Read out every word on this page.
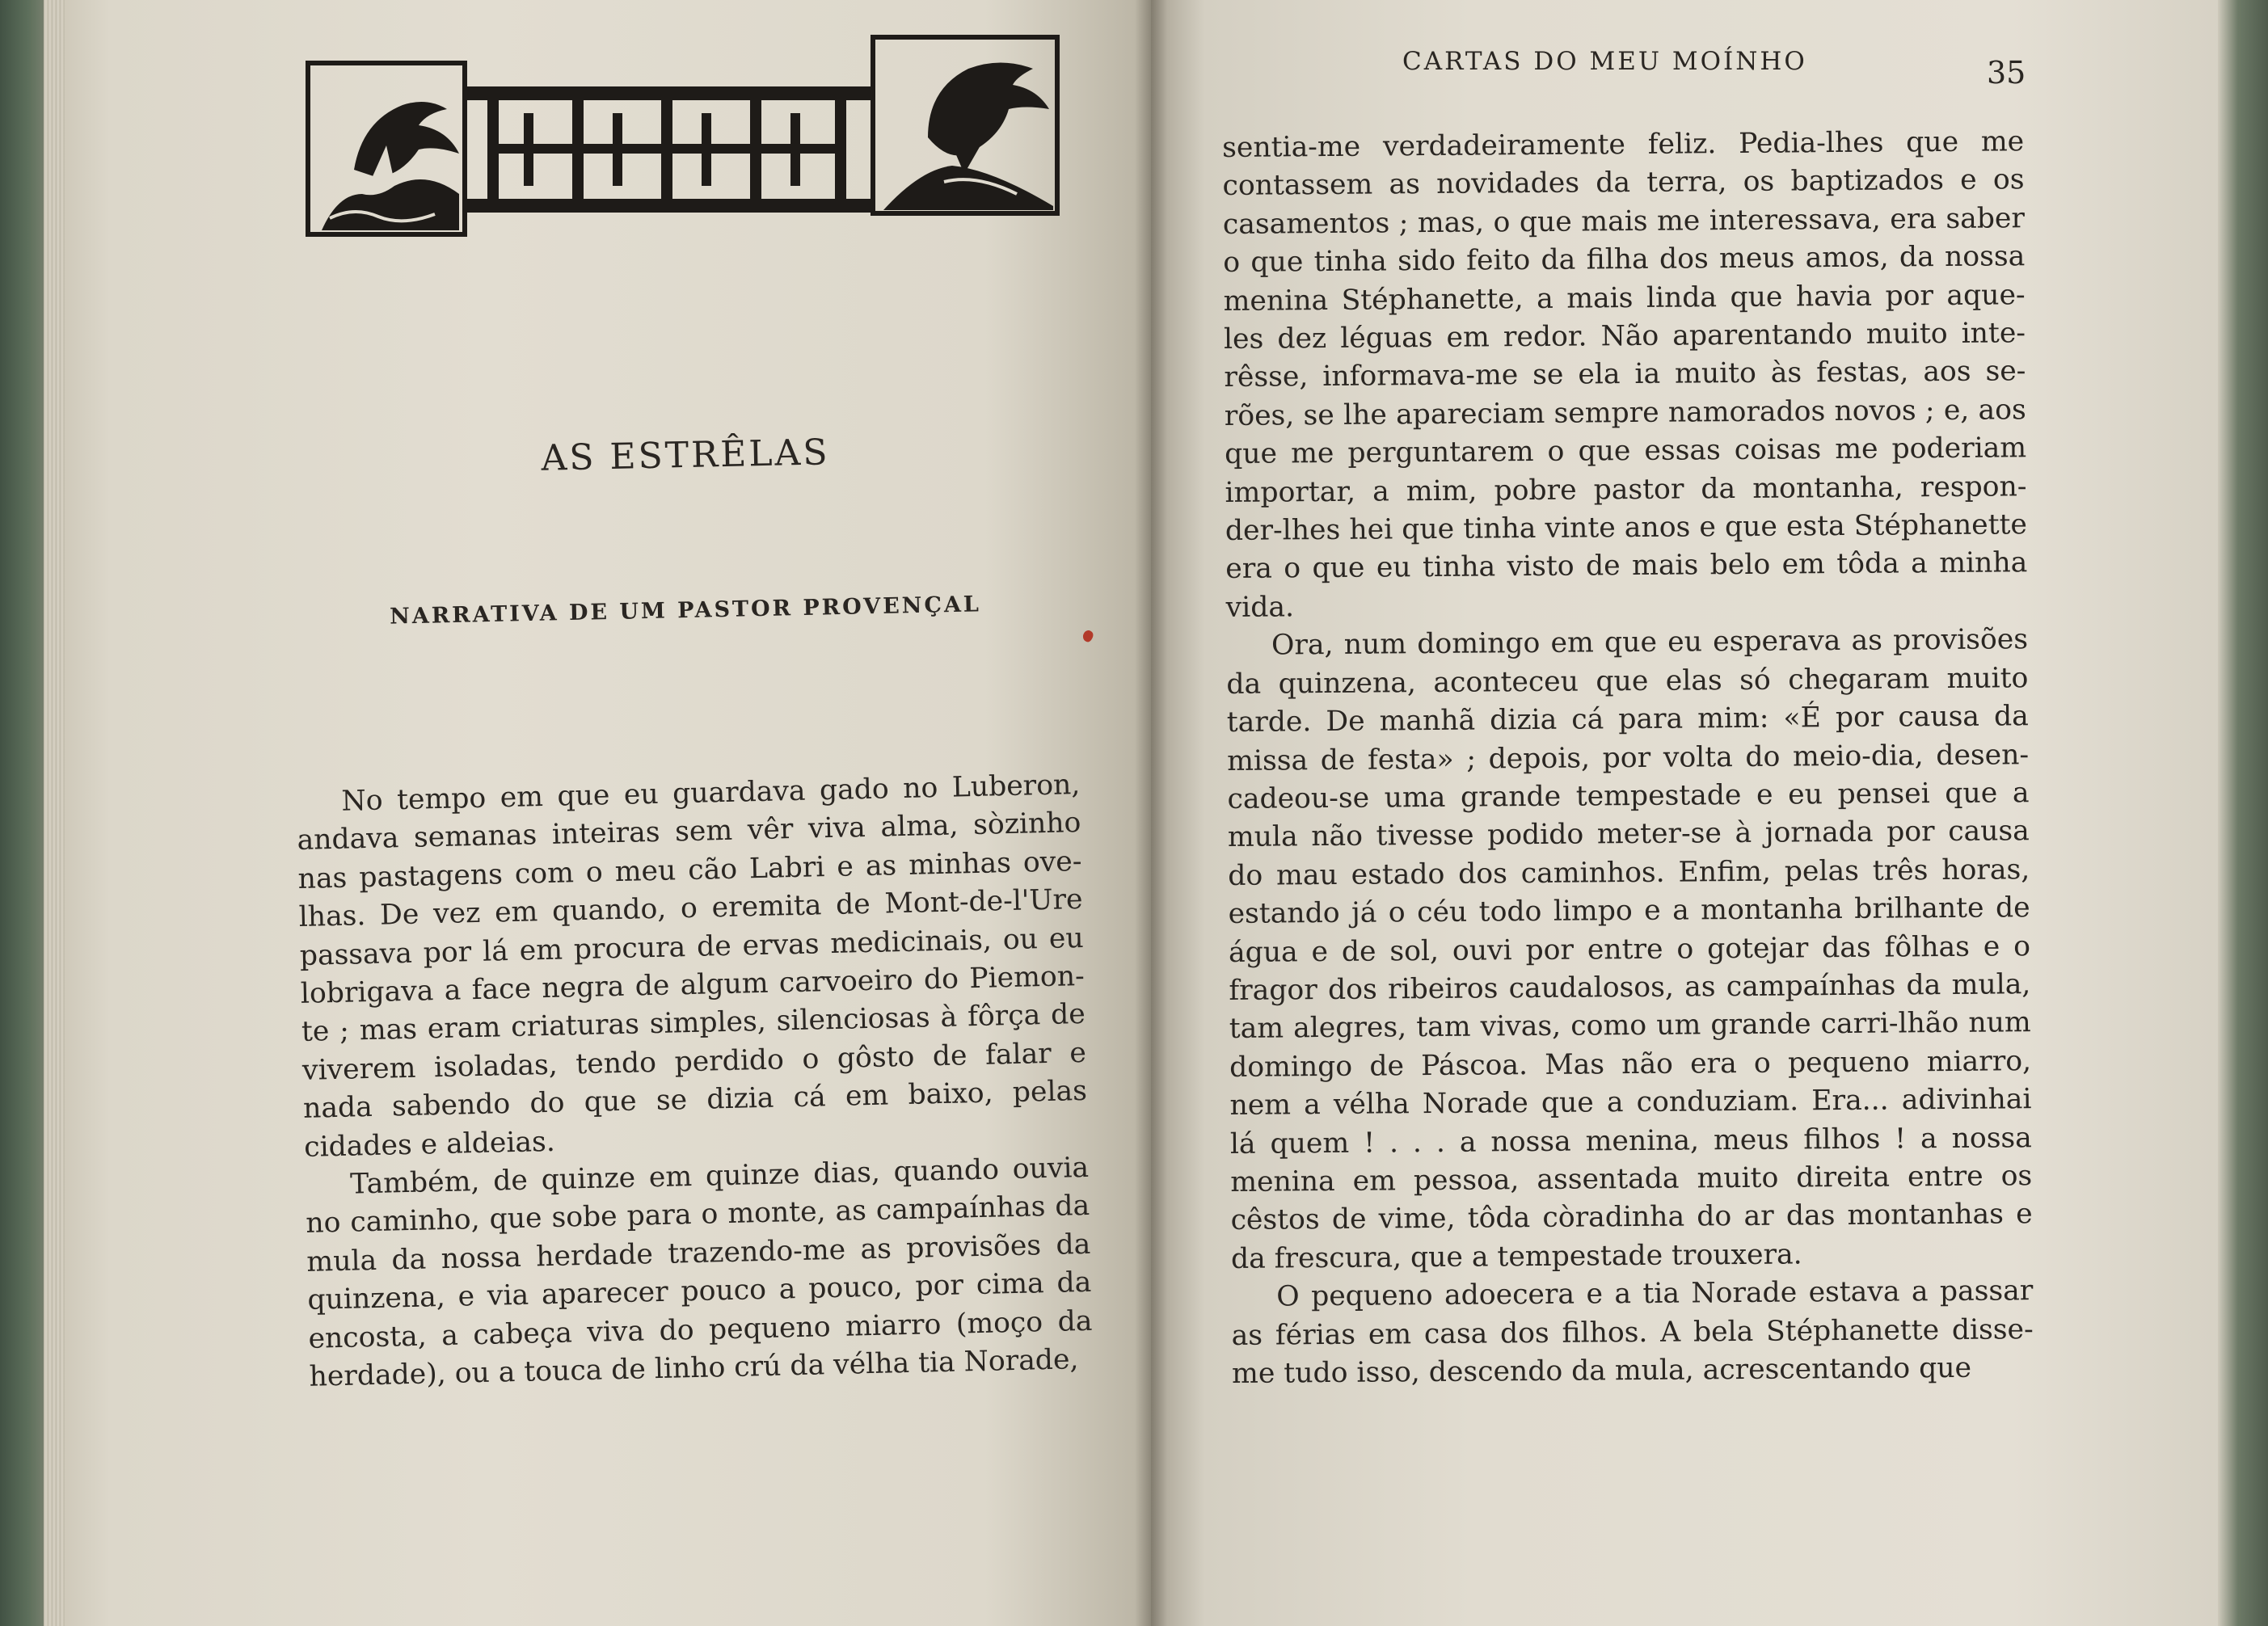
AS ESTRÊLAS
NARRATIVA DE UM PASTOR PROVENÇAL

No tempo em que eu guardava gado no Luberon, andava semanas inteiras sem vêr viva alma, sòzinho nas pastagens com o meu cão Labri e as minhas ove-lhas. De vez em quando, o eremita de Mont-de-l'Ure passava por lá em procura de ervas medicinais, ou eu lobrigava a face negra de algum carvoeiro do Piemon-te ; mas eram criaturas simples, silenciosas à fôrça de viverem isoladas, tendo perdido o gôsto de falar e nada sabendo do que se dizia cá em baixo, pelas cidades e aldeias.

Também, de quinze em quinze dias, quando ouvia no caminho, que sobe para o monte, as campaínhas da mula da nossa herdade trazendo-me as provisões da quinzena, e via aparecer pouco a pouco, por cima da encosta, a cabeça viva do pequeno miarro (moço da herdade), ou a touca de linho crú da vélha tia Norade,

CARTAS DO MEU MOÍNHO	35

sentia-me verdadeiramente feliz. Pedia-lhes que me contassem as novidades da terra, os baptizados e os casamentos ; mas, o que mais me interessava, era saber o que tinha sido feito da filha dos meus amos, da nossa menina Stéphanette, a mais linda que havia por aque-les dez léguas em redor. Não aparentando muito inte-rêsse, informava-me se ela ia muito às festas, aos se-rões, se lhe apareciam sempre namorados novos ; e, aos que me perguntarem o que essas coisas me poderiam importar, a mim, pobre pastor da montanha, respon-der-lhes hei que tinha vinte anos e que esta Stéphanette era o que eu tinha visto de mais belo em tôda a minha vida.

Ora, num domingo em que eu esperava as provisões da quinzena, aconteceu que elas só chegaram muito tarde. De manhã dizia cá para mim: «É por causa da missa de festa» ; depois, por volta do meio-dia, desen-cadeou-se uma grande tempestade e eu pensei que a mula não tivesse podido meter-se à jornada por causa do mau estado dos caminhos. Enfim, pelas três horas, estando já o céu todo limpo e a montanha brilhante de água e de sol, ouvi por entre o gotejar das fôlhas e o fragor dos ribeiros caudalosos, as campaínhas da mula, tam alegres, tam vivas, como um grande carri-lhão num domingo de Páscoa. Mas não era o pequeno miarro, nem a vélha Norade que a conduziam. Era... adivinhai lá quem ! . . . a nossa menina, meus filhos ! a nossa menina em pessoa, assentada muito direita entre os cêstos de vime, tôda còradinha do ar das montanhas e da frescura, que a tempestade trouxera.

O pequeno adoecera e a tia Norade estava a passar as férias em casa dos filhos. A bela Stéphanette disse-me tudo isso, descendo da mula, acrescentando que
